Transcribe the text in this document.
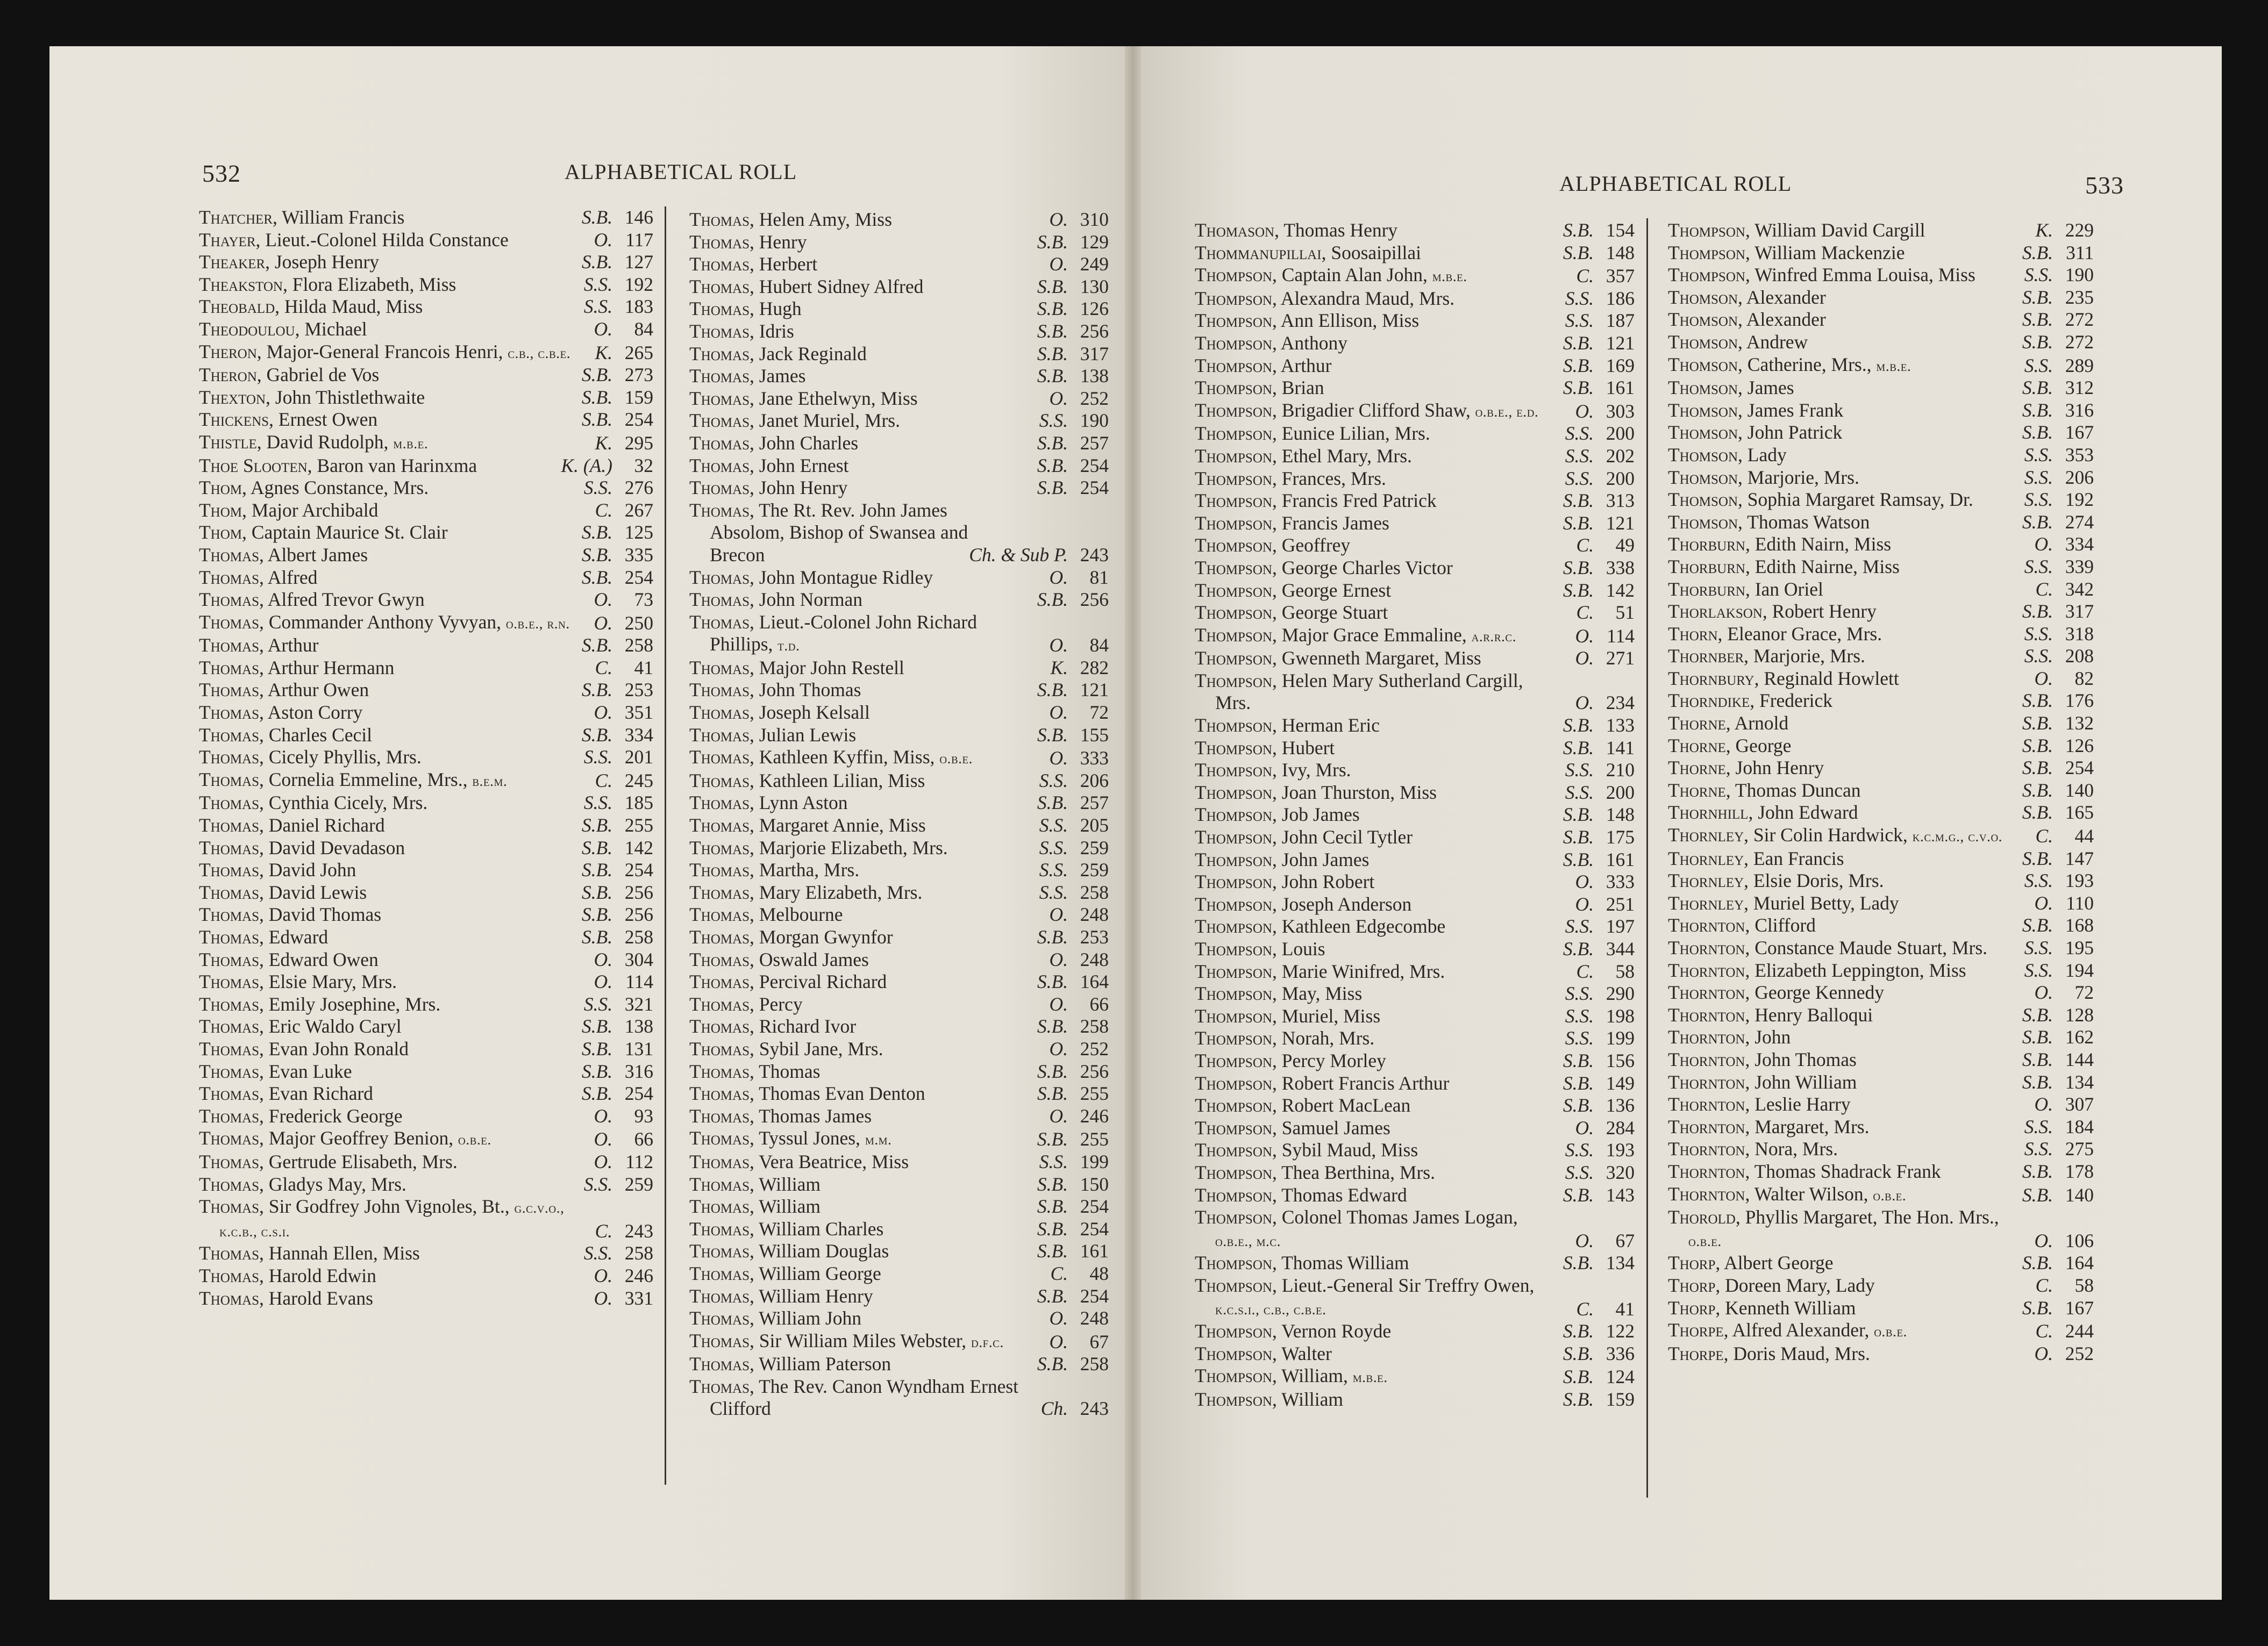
532	ALPHABETICAL ROLL
Thatcher, William Francis	S.B. 146
Thayer, Lieut.-Colonel Hilda Constance	O. 117
Theaker, Joseph Henry	S.B. 127
Theakston, Flora Elizabeth, Miss	S.S. 192
Theobald, Hilda Maud, Miss	S.S. 183
Theodoulou, Michael	O.	84
Theron, Major-General Francois Henri, c.b., c.b.e. K. 265
Theron, Gabriel de Vos	S.B. 273
Thexton, John Thistlethwaite	S.B. 159
Thickens, Ernest Owen	S.B. 254
Thistle, David Rudolph, m.b.e.	K. 295
Thoe Slooten, Baron van Harinxma	K. (A.)	32
Thom, Agnes Constance, Mrs.	S.S. 276
Thom, Major Archibald	C. 267
Thom, Captain Maurice St. Clair	S.B. 125
Thomas, Albert James	S.B. 335
Thomas, Alfred	S.B. 254
Thomas, Alfred Trevor Gwyn	O.	73
Thomas, Commander Anthony Vyvyan, o.b.e., r.n. O. 250
Thomas, Arthur	S.B. 258
Thomas, Arthur Hermann	C.	41
Thomas, Arthur Owen	S.B. 253
Thomas, Aston Corry	O. 351
Thomas, Charles Cecil	S.B. 334
Thomas, Cicely Phyllis, Mrs.	S.S. 201
Thomas, Cornelia Emmeline, Mrs., b.e.m.	C. 245
Thomas, Cynthia Cicely, Mrs.	S.S. 185
Thomas, Daniel Richard	S.B. 255
Thomas, David Devadason	S.B. 142
Thomas, David John	S.B. 254
Thomas, David Lewis	S.B. 256
Thomas, David Thomas	S.B. 256
Thomas, Edward	S.B. 258
Thomas, Edward Owen	O. 304
Thomas, Elsie Mary, Mrs.	O. 114
Thomas, Emily Josephine, Mrs.	S.S. 321
Thomas, Eric Waldo Caryl	S.B. 138
Thomas, Evan John Ronald	S.B. 131
Thomas, Evan Luke	S.B. 316
Thomas, Evan Richard	S.B. 254
Thomas, Frederick George	O.	93
Thomas, Major Geoffrey Benion, o.b.e.	O.	66
Thomas, Gertrude Elisabeth, Mrs.	O. 112
Thomas, Gladys May, Mrs.	S.S. 259
Thomas, Sir Godfrey John Vignoles, Bt., g.c.v.o., k.c.b., c.s.i.	C. 243
Thomas, Hannah Ellen, Miss	S.S. 258
Thomas, Harold Edwin	O. 246
Thomas, Harold Evans	O. 331
Thomas, Helen Amy, Miss	O. 310
Thomas, Henry	S.B. 129
Thomas, Herbert	O. 249
Thomas, Hubert Sidney Alfred	S.B. 130
Thomas, Hugh	S.B. 126
Thomas, Idris	S.B. 256
Thomas, Jack Reginald	S.B. 317
Thomas, James	S.B. 138
Thomas, Jane Ethelwyn, Miss	O. 252
Thomas, Janet Muriel, Mrs.	S.S. 190
Thomas, John Charles	S.B. 257
Thomas, John Ernest	S.B. 254
Thomas, John Henry	S.B. 254
Thomas, The Rt. Rev. John James Absolom, Bishop of Swansea and Brecon	Ch. & Sub P. 243
Thomas, John Montague Ridley	O.	81
Thomas, John Norman	S.B. 256
Thomas, Lieut.-Colonel John Richard Phillips, t.d.	O.	84
Thomas, Major John Restell	K. 282
Thomas, John Thomas	S.B. 121
Thomas, Joseph Kelsall	O.	72
Thomas, Julian Lewis	S.B. 155
Thomas, Kathleen Kyffin, Miss, o.b.e.	O. 333
Thomas, Kathleen Lilian, Miss	S.S. 206
Thomas, Lynn Aston	S.B. 257
Thomas, Margaret Annie, Miss	S.S. 205
Thomas, Marjorie Elizabeth, Mrs.	S.S. 259
Thomas, Martha, Mrs.	S.S. 259
Thomas, Mary Elizabeth, Mrs.	S.S. 258
Thomas, Melbourne	O. 248
Thomas, Morgan Gwynfor	S.B. 253
Thomas, Oswald James	O. 248
Thomas, Percival Richard	S.B. 164
Thomas, Percy	O.	66
Thomas, Richard Ivor	S.B. 258
Thomas, Sybil Jane, Mrs.	O. 252
Thomas, Thomas	S.B. 256
Thomas, Thomas Evan Denton	S.B. 255
Thomas, Thomas James	O. 246
Thomas, Tyssul Jones, m.m.	S.B. 255
Thomas, Vera Beatrice, Miss	S.S. 199
Thomas, William	S.B. 150
Thomas, William	S.B. 254
Thomas, William Charles	S.B. 254
Thomas, William Douglas	S.B. 161
Thomas, William George	C.	48
Thomas, William Henry	S.B. 254
Thomas, William John	O. 248
Thomas, Sir William Miles Webster, d.f.c.	O.	67
Thomas, William Paterson	S.B. 258
Thomas, The Rev. Canon Wyndham Ernest Clifford	Ch. 243
ALPHABETICAL ROLL	533
Thomason, Thomas Henry	S.B. 154
Thommanupillai, Soosaipillai	S.B. 148
Thompson, Captain Alan John, m.b.e.	C. 357
Thompson, Alexandra Maud, Mrs.	S.S. 186
Thompson, Ann Ellison, Miss	S.S. 187
Thompson, Anthony	S.B. 121
Thompson, Arthur	S.B. 169
Thompson, Brian	S.B. 161
Thompson, Brigadier Clifford Shaw, o.b.e., e.d.	O. 303
Thompson, Eunice Lilian, Mrs.	S.S. 200
Thompson, Ethel Mary, Mrs.	S.S. 202
Thompson, Frances, Mrs.	S.S. 200
Thompson, Francis Fred Patrick	S.B. 313
Thompson, Francis James	S.B. 121
Thompson, Geoffrey	C.	49
Thompson, George Charles Victor	S.B. 338
Thompson, George Ernest	S.B. 142
Thompson, George Stuart	C.	51
Thompson, Major Grace Emmaline, a.r.r.c.	O. 114
Thompson, Gwenneth Margaret, Miss	O. 271
Thompson, Helen Mary Sutherland Cargill, Mrs.	O. 234
Thompson, Herman Eric	S.B. 133
Thompson, Hubert	S.B. 141
Thompson, Ivy, Mrs.	S.S. 210
Thompson, Joan Thurston, Miss	S.S. 200
Thompson, Job James	S.B. 148
Thompson, John Cecil Tytler	S.B. 175
Thompson, John James	S.B. 161
Thompson, John Robert	O. 333
Thompson, Joseph Anderson	O. 251
Thompson, Kathleen Edgecombe	S.S. 197
Thompson, Louis	S.B. 344
Thompson, Marie Winifred, Mrs.	C.	58
Thompson, May, Miss	S.S. 290
Thompson, Muriel, Miss	S.S. 198
Thompson, Norah, Mrs.	S.S. 199
Thompson, Percy Morley	S.B. 156
Thompson, Robert Francis Arthur	S.B. 149
Thompson, Robert MacLean	S.B. 136
Thompson, Samuel James	O. 284
Thompson, Sybil Maud, Miss	S.S. 193
Thompson, Thea Berthina, Mrs.	S.S. 320
Thompson, Thomas Edward	S.B. 143
Thompson, Colonel Thomas James Logan, o.b.e., m.c.	O.	67
Thompson, Thomas William	S.B. 134
Thompson, Lieut.-General Sir Treffry Owen, k.c.s.i., c.b., c.b.e.	C.	41
Thompson, Vernon Royde	S.B. 122
Thompson, Walter	S.B. 336
Thompson, William, m.b.e.	S.B. 124
Thompson, William	S.B. 159
Thompson, William David Cargill	K. 229
Thompson, William Mackenzie	S.B. 311
Thompson, Winfred Emma Louisa, Miss	S.S. 190
Thomson, Alexander	S.B. 235
Thomson, Alexander	S.B. 272
Thomson, Andrew	S.B. 272
Thomson, Catherine, Mrs., m.b.e.	S.S. 289
Thomson, James	S.B. 312
Thomson, James Frank	S.B. 316
Thomson, John Patrick	S.B. 167
Thomson, Lady	S.S. 353
Thomson, Marjorie, Mrs.	S.S. 206
Thomson, Sophia Margaret Ramsay, Dr.	S.S. 192
Thomson, Thomas Watson	S.B. 274
Thorburn, Edith Nairn, Miss	O. 334
Thorburn, Edith Nairne, Miss	S.S. 339
Thorburn, Ian Oriel	C. 342
Thorlakson, Robert Henry	S.B. 317
Thorn, Eleanor Grace, Mrs.	S.S. 318
Thornber, Marjorie, Mrs.	S.S. 208
Thornbury, Reginald Howlett	O.	82
Thorndike, Frederick	S.B. 176
Thorne, Arnold	S.B. 132
Thorne, George	S.B. 126
Thorne, John Henry	S.B. 254
Thorne, Thomas Duncan	S.B. 140
Thornhill, John Edward	S.B. 165
Thornley, Sir Colin Hardwick, k.c.m.g., c.v.o.	C.	44
Thornley, Ean Francis	S.B. 147
Thornley, Elsie Doris, Mrs.	S.S. 193
Thornley, Muriel Betty, Lady	O. 110
Thornton, Clifford	S.B. 168
Thornton, Constance Maude Stuart, Mrs.	S.S. 195
Thornton, Elizabeth Leppington, Miss	S.S. 194
Thornton, George Kennedy	O.	72
Thornton, Henry Balloqui	S.B. 128
Thornton, John	S.B. 162
Thornton, John Thomas	S.B. 144
Thornton, John William	S.B. 134
Thornton, Leslie Harry	O. 307
Thornton, Margaret, Mrs.	S.S. 184
Thornton, Nora, Mrs.	S.S. 275
Thornton, Thomas Shadrack Frank	S.B. 178
Thornton, Walter Wilson, o.b.e.	S.B. 140
Thorold, Phyllis Margaret, The Hon. Mrs., o.b.e.	O. 106
Thorp, Albert George	S.B. 164
Thorp, Doreen Mary, Lady	C.	58
Thorp, Kenneth William	S.B. 167
Thorpe, Alfred Alexander, o.b.e.	C. 244
Thorpe, Doris Maud, Mrs.	O. 252
